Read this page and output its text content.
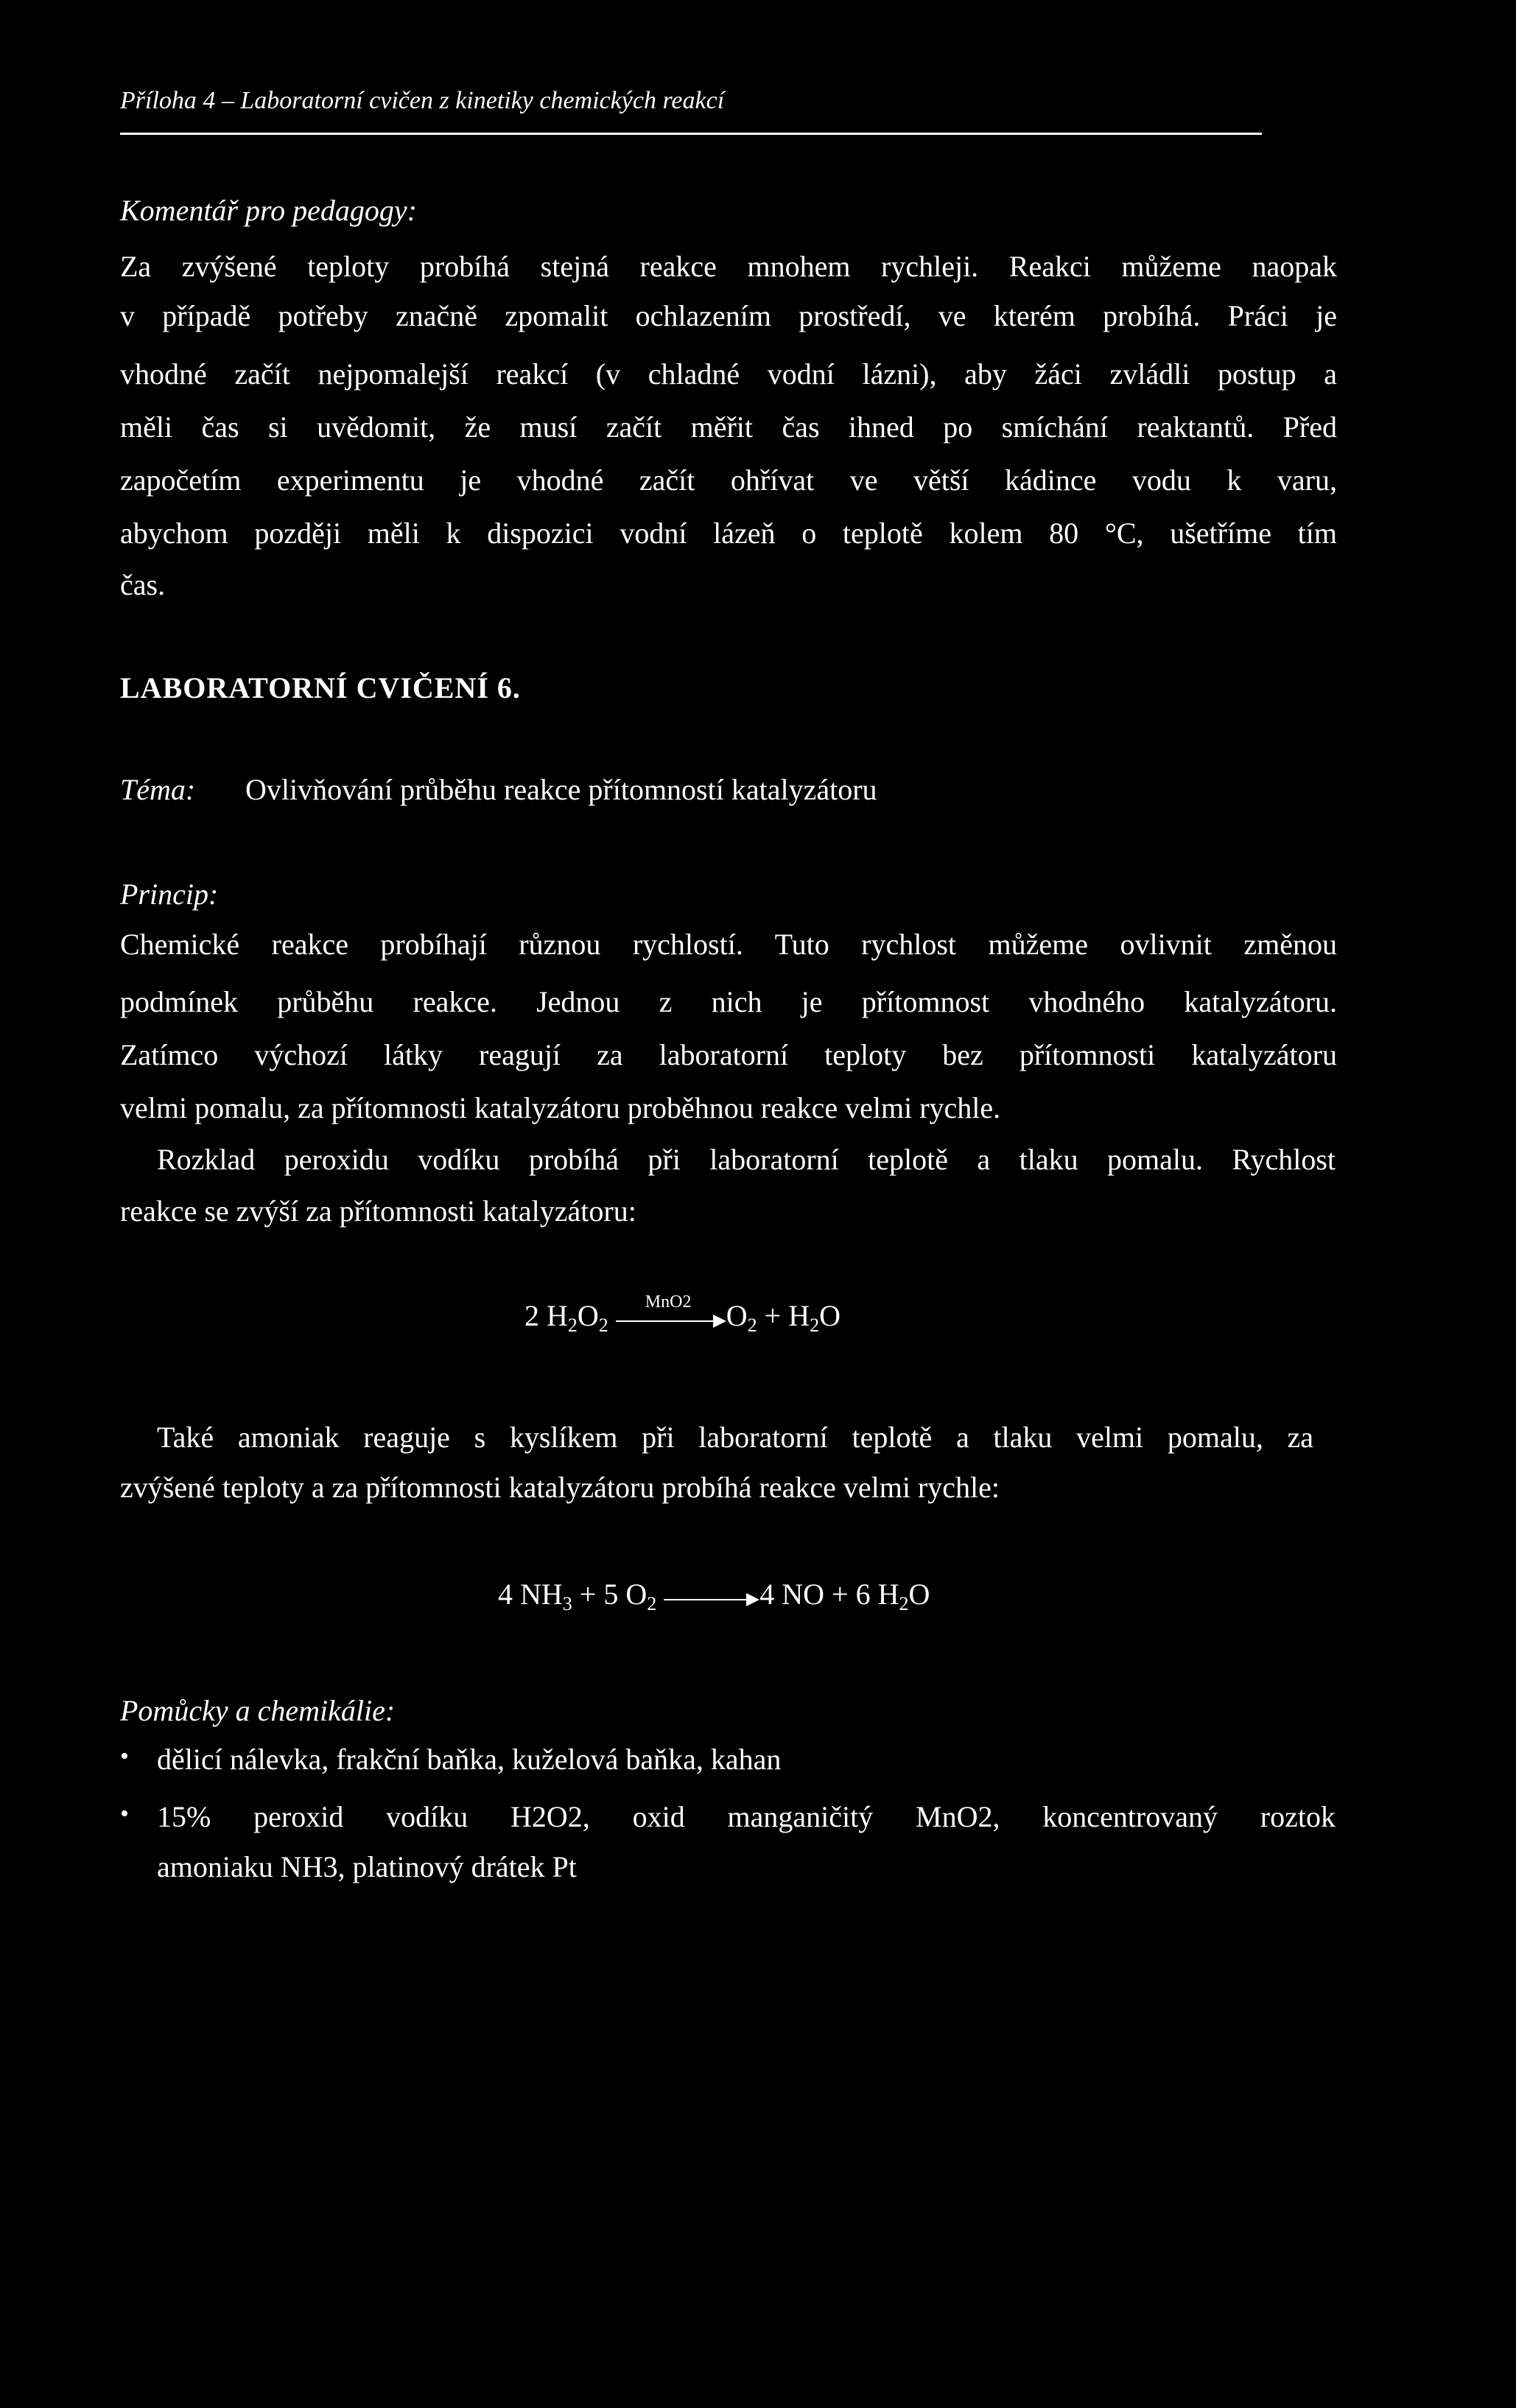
Příloha 4 – Laboratorní cvičen z kinetiky chemických reakcí
Komentář pro pedagogy:
Za zvýšené teploty probíhá stejná reakce mnohem rychleji. Reakci můžeme naopak
v případě potřeby značně zpomalit ochlazením prostředí, ve kterém probíhá. Práci je
vhodné začít nejpomalejší reakcí (v chladné vodní lázni), aby žáci zvládli postup a
měli čas si uvědomit, že musí začít měřit čas ihned po smíchání reaktantů. Před
započetím experimentu je vhodné začít ohřívat ve větší kádince vodu k varu,
abychom později měli k dispozici vodní lázeň o teplotě kolem 80 °C, ušetříme tím
čas.
LABORATORNÍ CVIČENÍ 6.
Téma: Ovlivňování průběhu reakce přítomností katalyzátoru
Princip:
Chemické reakce probíhají různou rychlostí. Tuto rychlost můžeme ovlivnit změnou
podmínek průběhu reakce. Jednou z nich je přítomnost vhodného katalyzátoru.
Zatímco výchozí látky reagují za laboratorní teploty bez přítomnosti katalyzátoru
velmi pomalu, za přítomnosti katalyzátoru proběhnou reakce velmi rychle.
Rozklad peroxidu vodíku probíhá při laboratorní teplotě a tlaku pomalu. Rychlost
reakce se zvýší za přítomnosti katalyzátoru:
2 $H_2O_2$
MnO2 $O_2 + H_2O$
Také amoniak reaguje s kyslíkem při laboratorní teplotě a tlaku velmi pomalu, za
zvýšené teploty a za přítomnosti katalyzátoru probíhá reakce velmi rychle:
4 $NH_3 + 5$ $O_2$	4 NO + 6 $H_2O$
Pomůcky a chemikálie:
• dělicí nálevka, frakční baňka, kuželová baňka, kahan
• 15% peroxid vodíku H2O2, oxid manganičitý MnO2, koncentrovaný roztok
amoniaku NH3, platinový drátek Pt
